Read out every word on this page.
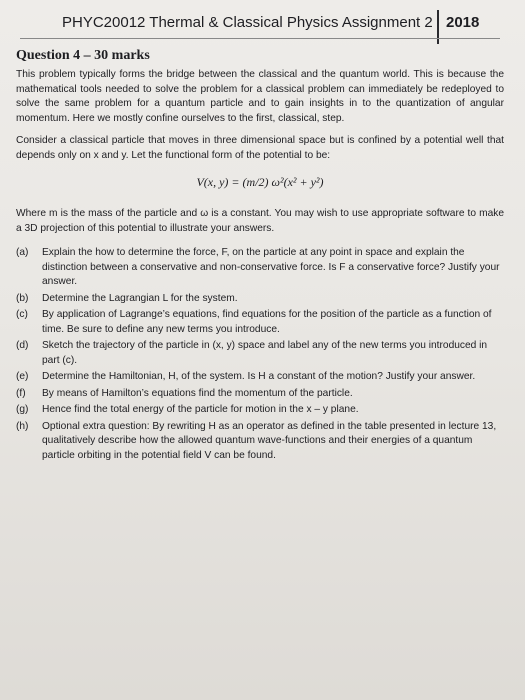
PHYC20012 Thermal & Classical Physics Assignment 2 2018
Question 4 – 30 marks

This problem typically forms the bridge between the classical and the quantum world. This is because the mathematical tools needed to solve the problem for a classical problem can immediately be redeployed to solve the same problem for a quantum particle and to gain insights in to the quantization of angular momentum. Here we mostly confine ourselves to the first, classical, step.

Consider a classical particle that moves in three dimensional space but is confined by a potential well that depends only on x and y. Let the functional form of the potential to be:

V(x, y) = (m/2) ω²(x² + y²)

Where m is the mass of the particle and ω is a constant. You may wish to use appropriate software to make a 3D projection of this potential to illustrate your answers.

(a)	Explain the how to determine the force, F, on the particle at any point in space and explain the distinction between a conservative and non-conservative force. Is F a conservative force? Justify your answer.
(b)	Determine the Lagrangian L for the system.
(c)	By application of Lagrange’s equations, find equations for the position of the particle as a function of time. Be sure to define any new terms you introduce.
(d)	Sketch the trajectory of the particle in (x, y) space and label any of the new terms you introduced in part (c).
(e)	Determine the Hamiltonian, H, of the system. Is H a constant of the motion? Justify your answer.
(f)	By means of Hamilton’s equations find the momentum of the particle.
(g)	Hence find the total energy of the particle for motion in the x – y plane.
(h)	Optional extra question: By rewriting H as an operator as defined in the table presented in lecture 13, qualitatively describe how the allowed quantum wave-functions and their energies of a quantum particle orbiting in the potential field V can be found.
